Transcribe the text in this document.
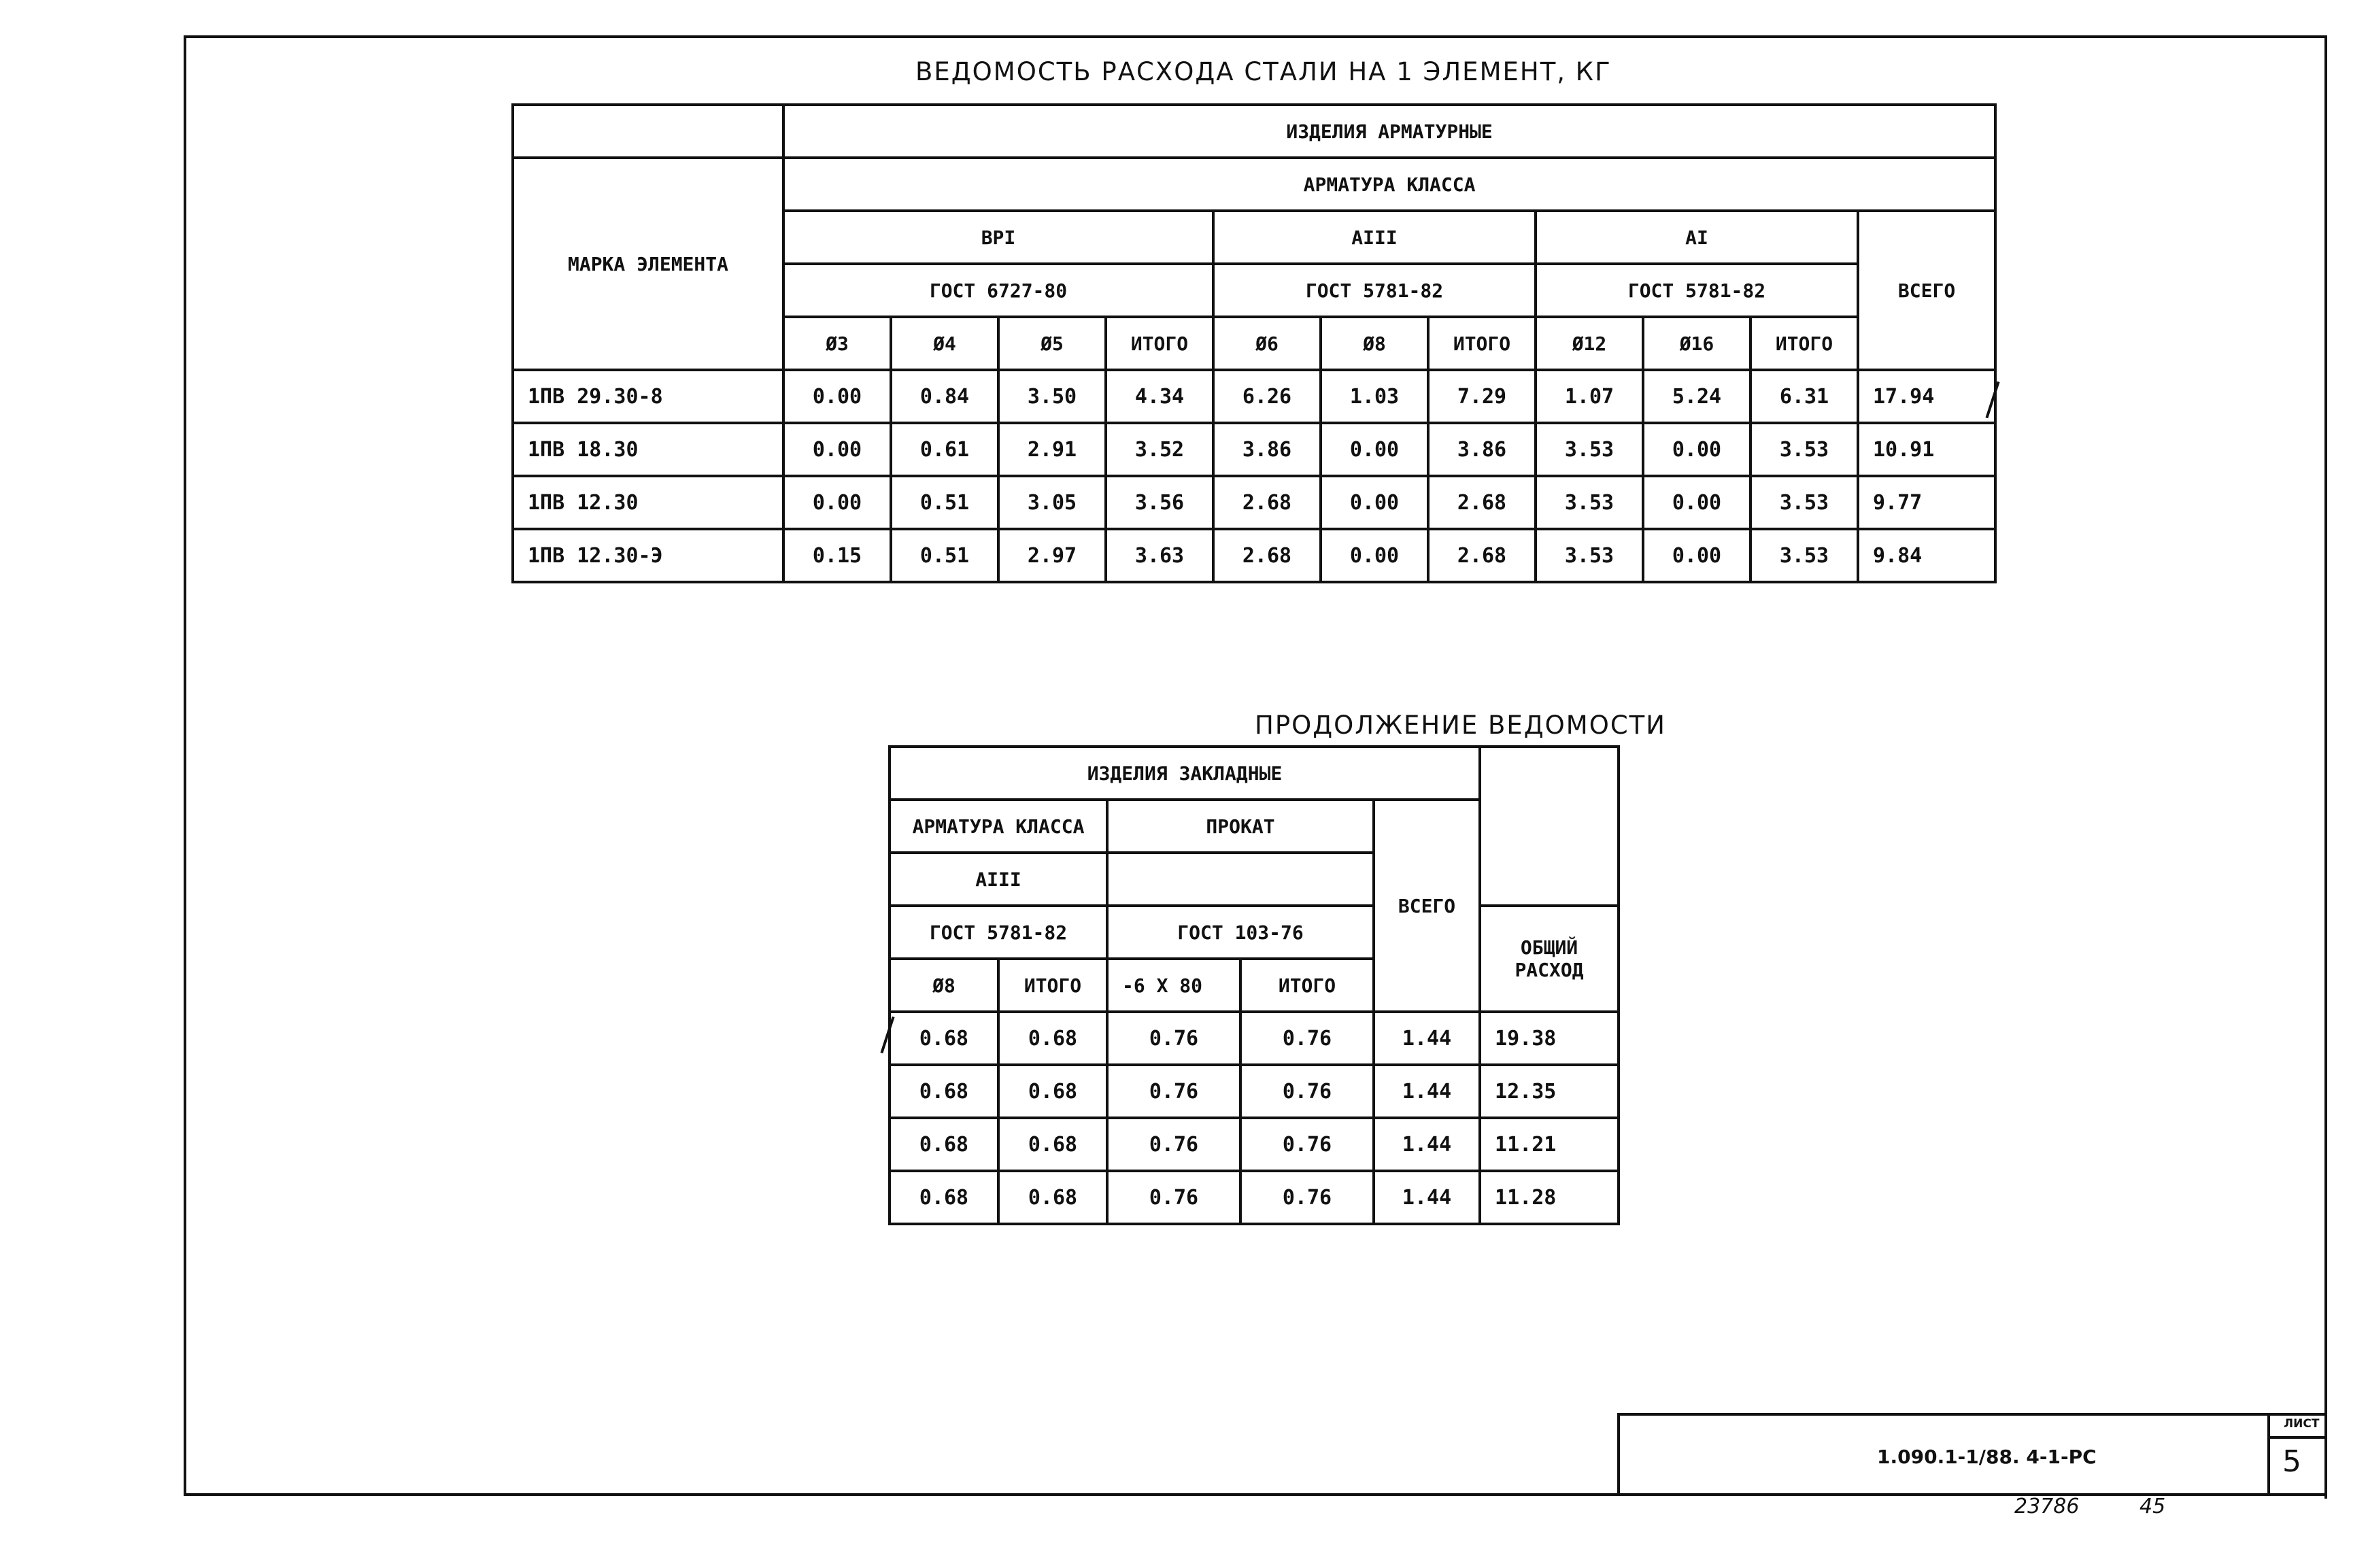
ВЕДОМОСТЬ РАСХОДА СТАЛИ НА 1 ЭЛЕМЕНТ, КГ
	ИЗДЕЛИЯ АРМАТУРНЫЕ										
МАРКА ЭЛЕМЕНТА	АРМАТУРА КЛАССА										
	ВРI				AIII			AI			ВСЕГО
	ГОСТ 6727-80				ГОСТ 5781-82			ГОСТ 5781-82			
	Ø3	Ø4	Ø5	ИТОГО	Ø6	Ø8	ИТОГО	Ø12	Ø16	ИТОГО	
1ПВ 29.30-8	0.00	0.84	3.50	4.34	6.26	1.03	7.29	1.07	5.24	6.31	17.94
1ПВ 18.30	0.00	0.61	2.91	3.52	3.86	0.00	3.86	3.53	0.00	3.53	10.91
1ПВ 12.30	0.00	0.51	3.05	3.56	2.68	0.00	2.68	3.53	0.00	3.53	9.77
1ПВ 12.30-Э	0.15	0.51	2.97	3.63	2.68	0.00	2.68	3.53	0.00	3.53	9.84
ПРОДОЛЖЕНИЕ ВЕДОМОСТИ
ИЗДЕЛИЯ ЗАКЛАДНЫЕ					
АРМАТУРА КЛАССА		ПРОКАТ		ВСЕГО	
AIII					
ГОСТ 5781-82		ГОСТ 103-76			ОБЩИЙ
РАСХОД

Ø8	ИТОГО	-6 Х 80	ИТОГО		
0.68	0.68	0.76	0.76	1.44	19.38
0.68	0.68	0.76	0.76	1.44	12.35
0.68	0.68	0.76	0.76	1.44	11.21
0.68	0.68	0.76	0.76	1.44	11.28
1.090.1-1/88. 4-1-РС
ЛИСТ
5
23786	45
